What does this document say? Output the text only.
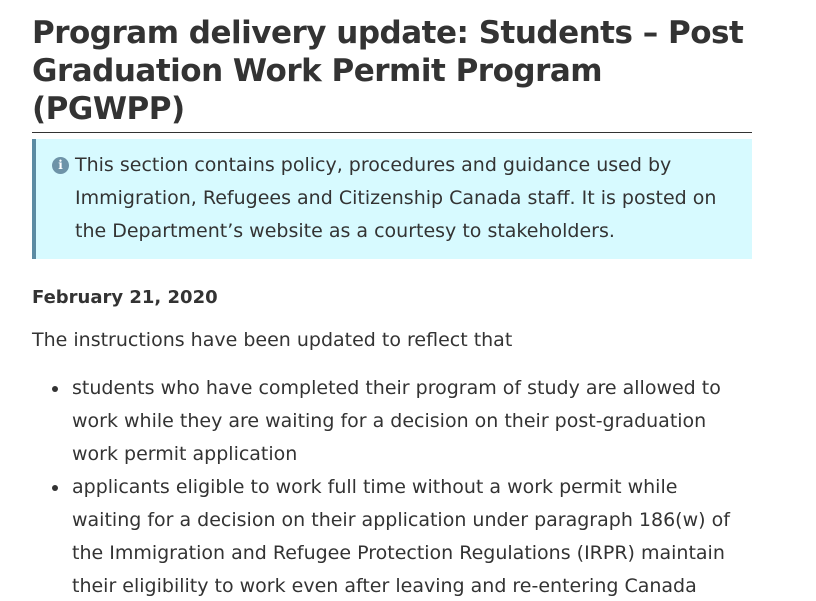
Program delivery update: Students – Post Graduation Work Permit Program (PGWPP)
i This section contains policy, procedures and guidance used by Immigration, Refugees and Citizenship Canada staff. It is posted on the Department’s website as a courtesy to stakeholders.
February 21, 2020

The instructions have been updated to reflect that

students who have completed their program of study are allowed to work while they are waiting for a decision on their post-graduation work permit application
applicants eligible to work full time without a work permit while waiting for a decision on their application under paragraph 186(w) of the Immigration and Refugee Protection Regulations (IRPR) maintain their eligibility to work even after leaving and re-entering Canada
